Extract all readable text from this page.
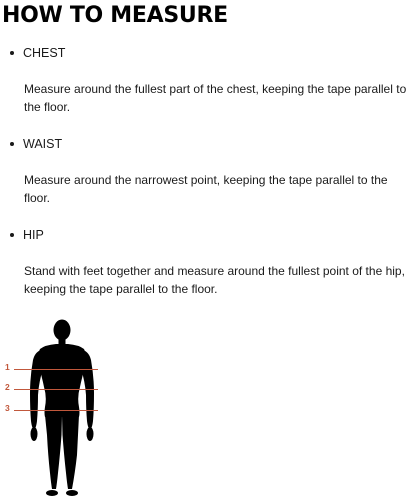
HOW TO MEASURE
CHEST

Measure around the fullest part of the chest, keeping the tape parallel to the floor.

WAIST

Measure around the narrowest point, keeping the tape parallel to the floor.

HIP

Stand with feet together and measure around the fullest point of the hip, keeping the tape parallel to the floor.

1
2
3
